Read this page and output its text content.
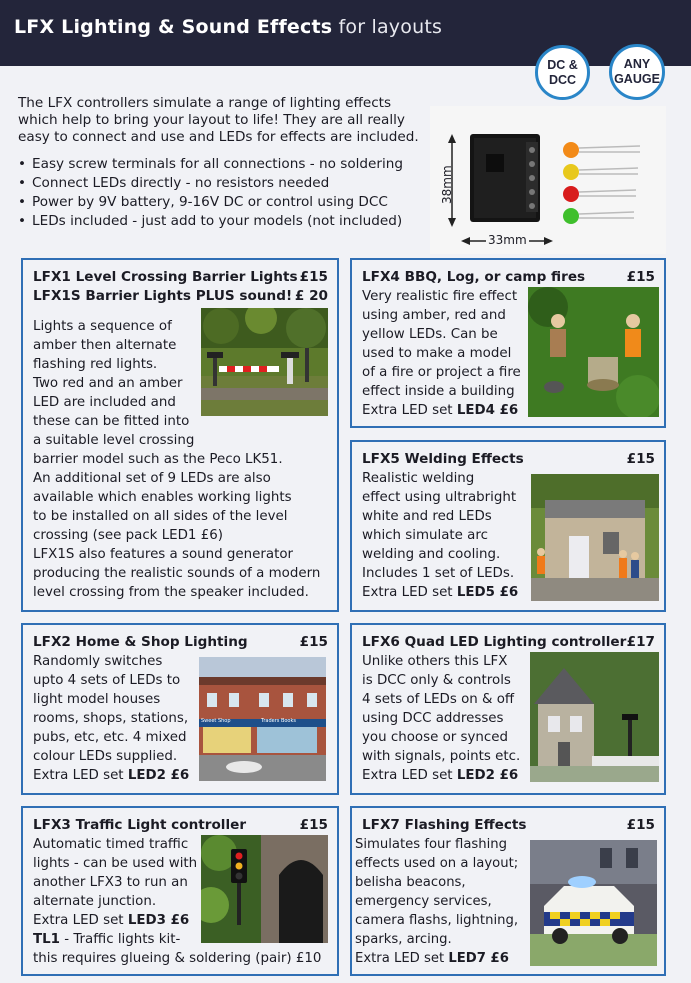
LFX Lighting & Sound Effects for layouts
DC &
DCC
ANY
GAUGE

The LFX controllers simulate a range of lighting effects

which help to bring your layout to life! They are all really

easy to connect and use and LEDs for effects are included.

• Easy screw terminals for all connections - no soldering
• Connect LEDs directly - no resistors needed
• Power by 9V battery, 9-16V DC or control using DCC
• LEDs included - just add to your models (not included)
38mm
33mm
LFX1 Level Crossing Barrier Lights £15
LFX1S Barrier Lights PLUS sound! £ 20
Lights a sequence of
amber then alternate
flashing red lights.
Two red and an amber
LED are included and
these can be fitted into
a suitable level crossing
barrier model such as the Peco LK51.
An additional set of 9 LEDs are also
available which enables working lights
to be installed on all sides of the level
crossing (see pack LED1 £6)
LFX1S also features a sound generator
producing the realistic sounds of a modern
level crossing from the speaker included.
LFX4 BBQ, Log, or camp fires	£15
Very realistic fire effect
using amber, red and
yellow LEDs. Can be
used to make a model
of a fire or project a fire
effect inside a building
Extra LED set LED4 £6
LFX5 Welding Effects	£15
Realistic welding
effect using ultrabright
white and red LEDs
which simulate arc
welding and cooling.
Includes 1 set of LEDs.
Extra LED set LED5 £6
LFX2 Home & Shop Lighting	£15
Sweet Shop	Traders Books
Randomly switches
upto 4 sets of LEDs to
light model houses
rooms, shops, stations,
pubs, etc, etc. 4 mixed
colour LEDs supplied.
Extra LED set LED2 £6
LFX6 Quad LED Lighting controller £17
Unlike others this LFX
is DCC only & controls
4 sets of LEDs on & off
using DCC addresses
you choose or synced
with signals, points etc.
Extra LED set LED2 £6
LFX3 Traffic Light controller	£15
Automatic timed traffic
lights - can be used with
another LFX3 to run an
alternate junction.
Extra LED set LED3 £6
TL1 - Traffic lights kit-
this requires glueing & soldering (pair) £10
LFX7 Flashing Effects	£15
Simulates four flashing
effects used on a layout;
belisha beacons,
emergency services,
camera flashs, lightning,
sparks, arcing.
Extra LED set LED7 £6
